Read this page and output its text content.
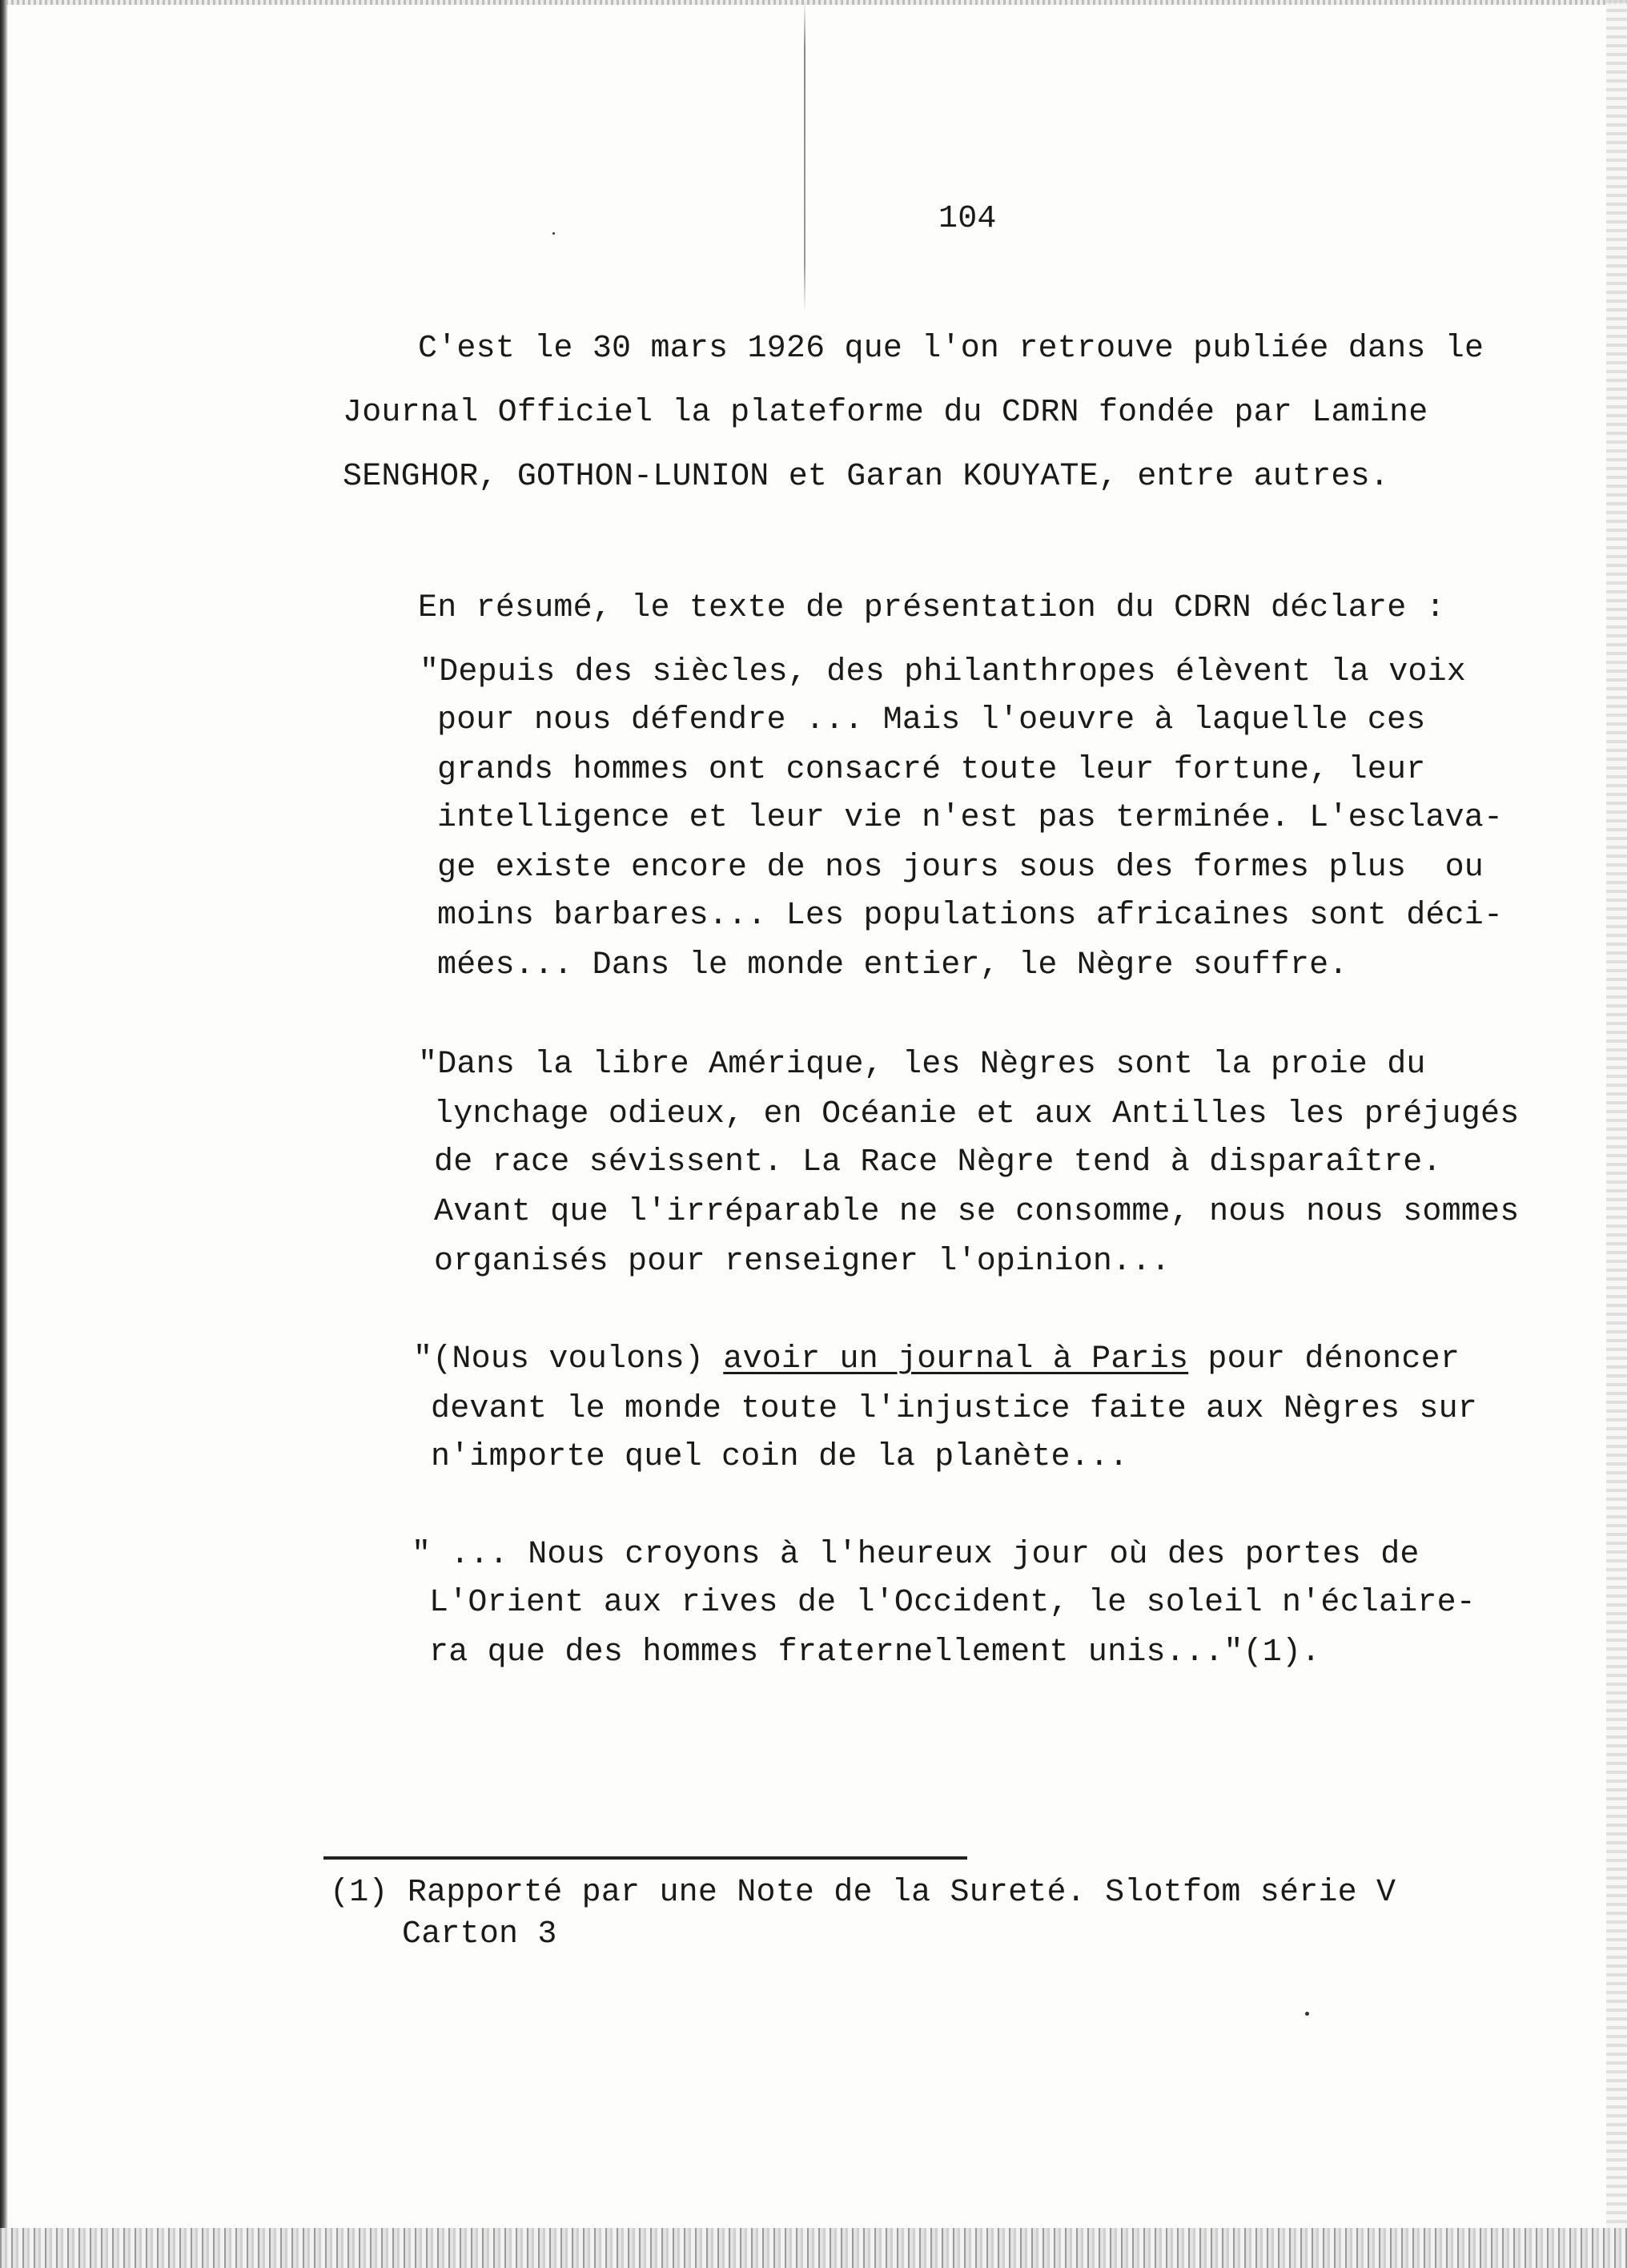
104
C'est le 30 mars 1926 que l'on retrouve publiée dans le
Journal Officiel la plateforme du CDRN fondée par Lamine
SENGHOR, GOTHON-LUNION et Garan KOUYATE, entre autres.
En résumé, le texte de présentation du CDRN déclare :
"Depuis des siècles, des philanthropes élèvent la voix
pour nous défendre ... Mais l'oeuvre à laquelle ces
grands hommes ont consacré toute leur fortune, leur
intelligence et leur vie n'est pas terminée. L'esclava-
ge existe encore de nos jours sous des formes plus  ou
moins barbares... Les populations africaines sont déci-
mées... Dans le monde entier, le Nègre souffre.
"Dans la libre Amérique, les Nègres sont la proie du
lynchage odieux, en Océanie et aux Antilles les préjugés
de race sévissent. La Race Nègre tend à disparaître.
Avant que l'irréparable ne se consomme, nous nous sommes
organisés pour renseigner l'opinion...
"(Nous voulons) avoir un journal à Paris pour dénoncer
devant le monde toute l'injustice faite aux Nègres sur
n'importe quel coin de la planète...
" ... Nous croyons à l'heureux jour où des portes de
L'Orient aux rives de l'Occident, le soleil n'éclaire-
ra que des hommes fraternellement unis..."(1).
(1) Rapporté par une Note de la Sureté. Slotfom série V
Carton 3
